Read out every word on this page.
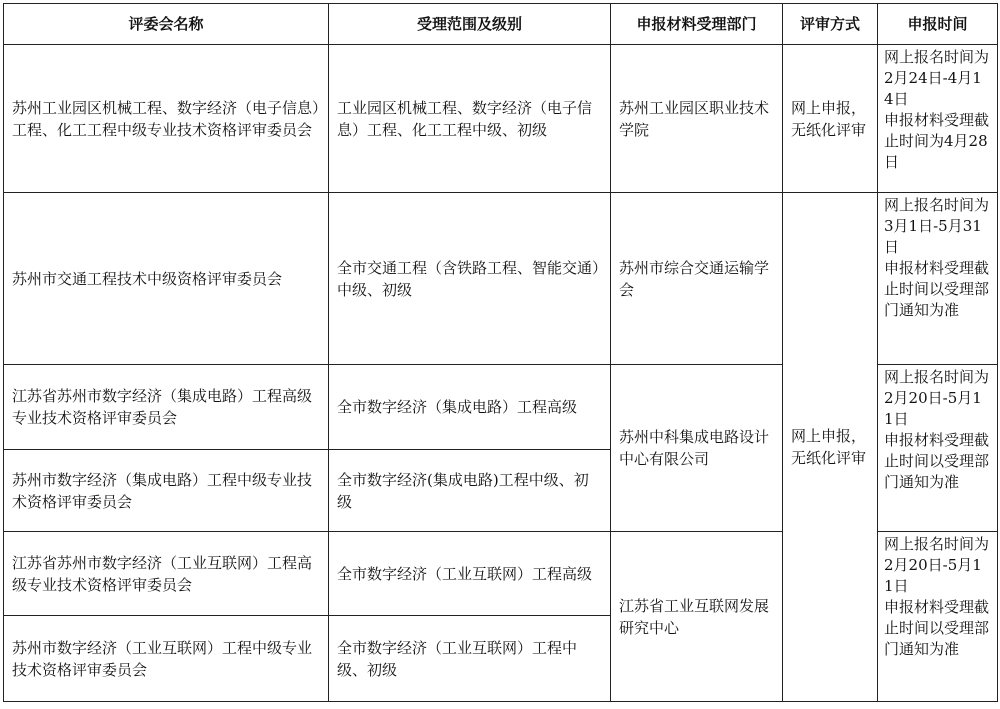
评委会名称	受理范围及级别	申报材料受理部门	评审方式	申报时间
苏州工业园区机械工程、数字经济（电子信息）工程、化工工程中级专业技术资格评审委员会	工业园区机械工程、数字经济（电子信息）工程、化工工程中级、初级	苏州工业园区职业技术学院	网上申报，无纸化评审	网上报名时间为2月24日-4月14日
申报材料受理截止时间为4月28日

苏州市交通工程技术中级资格评审委员会	全市交通工程（含铁路工程、智能交通）中级、初级	苏州市综合交通运输学会	网上申报，无纸化评审	网上报名时间为3月1日-5月31日
申报材料受理截止时间以受理部门通知为准

江苏省苏州市数字经济（集成电路）工程高级专业技术资格评审委员会	全市数字经济（集成电路）工程高级	苏州中科集成电路设计中心有限公司		网上报名时间为2月20日-5月11日
申报材料受理截止时间以受理部门通知为准

苏州市数字经济（集成电路）工程中级专业技术资格评审委员会	全市数字经济(集成电路)工程中级、初级			
江苏省苏州市数字经济（工业互联网）工程高级专业技术资格评审委员会	全市数字经济（工业互联网）工程高级	江苏省工业互联网发展研究中心		网上报名时间为2月20日-5月11日
申报材料受理截止时间以受理部门通知为准

苏州市数字经济（工业互联网）工程中级专业技术资格评审委员会	全市数字经济（工业互联网）工程中级、初级			
